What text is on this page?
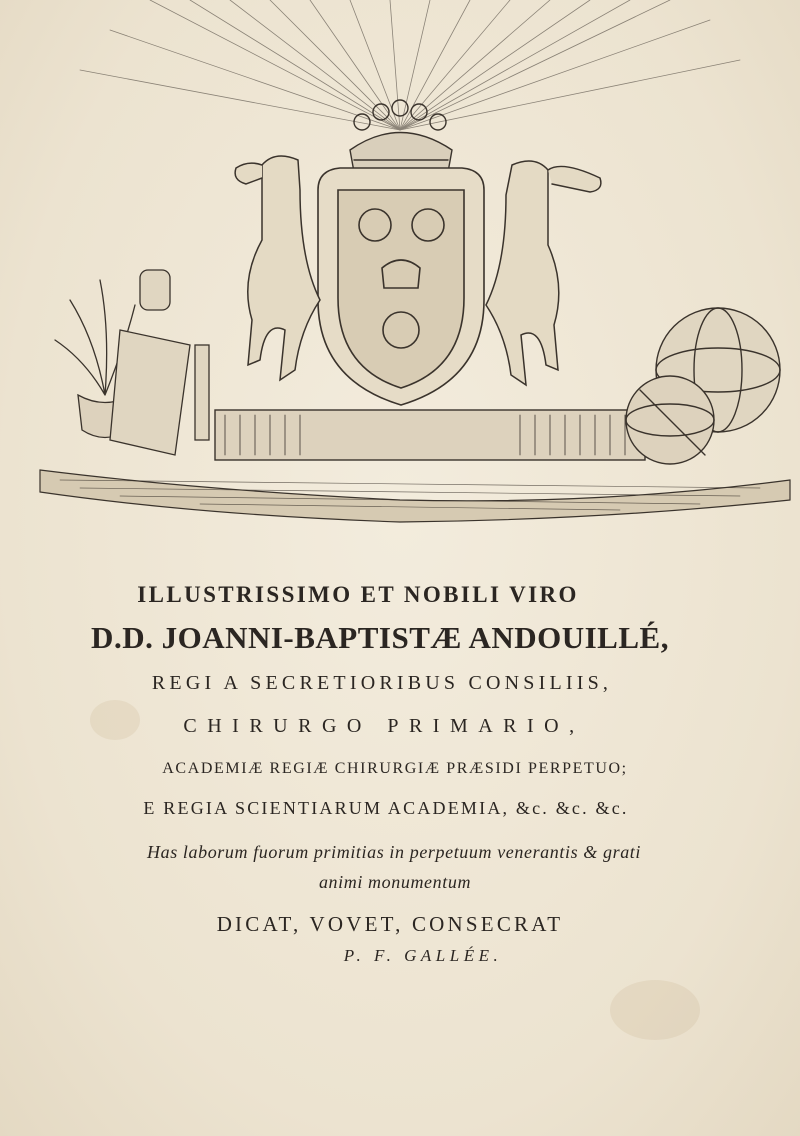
ILLUSTRISSIMO ET NOBILI VIRO
D.D. JOANNI-BAPTISTÆ ANDOUILLÉ,
REGI A SECRETIORIBUS CONSILIIS,
CHIRURGO PRIMARIO,
ACADEMIÆ REGIÆ CHIRURGIÆ PRÆSIDI PERPETUO;
E REGIA SCIENTIARUM ACADEMIA, &c. &c. &c.
Has laborum fuorum primitias in perpetuum venerantis & grati
animi monumentum
DICAT, VOVET, CONSECRAT
P. F. GALLÉE.
